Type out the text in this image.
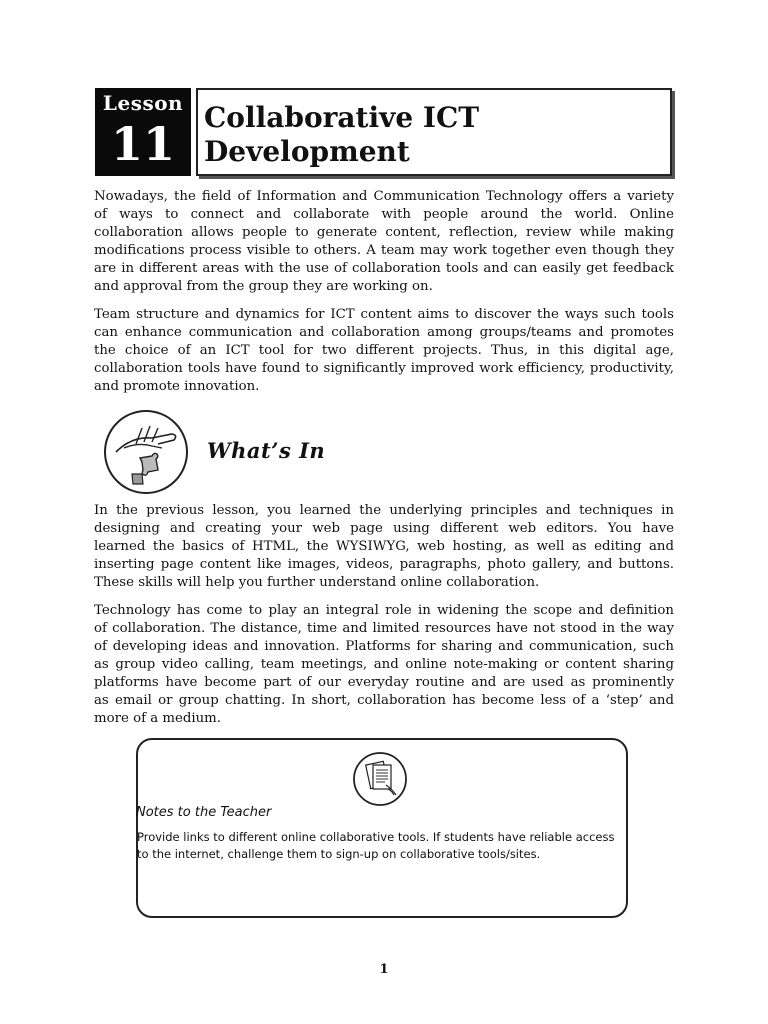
Lesson
11	Collaborative ICT
Development
Nowadays, the field of Information and Communication Technology offers a variety
of ways to connect and collaborate with people around the world. Online
collaboration allows people to generate content, reflection, review while making
modifications process visible to others. A team may work together even though they
are in different areas with the use of collaboration tools and can easily get feedback
and approval from the group they are working on.
Team structure and dynamics for ICT content aims to discover the ways such tools
can enhance communication and collaboration among groups/teams and promotes
the choice of an ICT tool for two different projects. Thus, in this digital age,
collaboration tools have found to significantly improved work efficiency, productivity,
and promote innovation.
What’s In
In the previous lesson, you learned the underlying principles and techniques in
designing and creating your web page using different web editors. You have
learned the basics of HTML, the WYSIWYG, web hosting, as well as editing and
inserting page content like images, videos, paragraphs, photo gallery, and buttons.
These skills will help you further understand online collaboration.
Technology has come to play an integral role in widening the scope and definition
of collaboration. The distance, time and limited resources have not stood in the way
of developing ideas and innovation. Platforms for sharing and communication, such
as group video calling, team meetings, and online note-making or content sharing
platforms have become part of our everyday routine and are used as prominently
as email or group chatting. In short, collaboration has become less of a ‘step’ and
more of a medium.
Notes to the Teacher
Provide links to different online collaborative tools. If students have reliable access
to the internet, challenge them to sign-up on collaborative tools/sites.
1
